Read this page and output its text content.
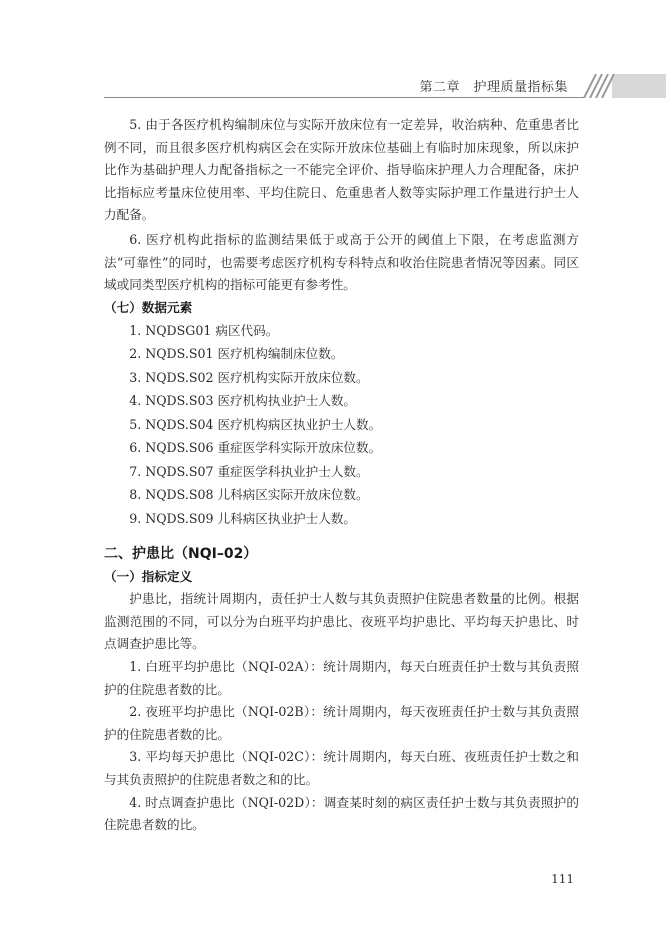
第二章　护理质量指标集

5. 由于各医疗机构编制床位与实际开放床位有一定差异，收治病种、危重患者比例不同，而且很多医疗机构病区会在实际开放床位基础上有临时加床现象，所以床护比作为基础护理人力配备指标之一不能完全评价、指导临床护理人力合理配备，床护比指标应考量床位使用率、平均住院日、危重患者人数等实际护理工作量进行护士人力配备。

6. 医疗机构此指标的监测结果低于或高于公开的阈值上下限，在考虑监测方法“可靠性”的同时，也需要考虑医疗机构专科特点和收治住院患者情况等因素。同区域或同类型医疗机构的指标可能更有参考性。

（七）数据元素

1. NQDSG01 病区代码。

2. NQDS.S01 医疗机构编制床位数。

3. NQDS.S02 医疗机构实际开放床位数。

4. NQDS.S03 医疗机构执业护士人数。

5. NQDS.S04 医疗机构病区执业护士人数。

6. NQDS.S06 重症医学科实际开放床位数。

7. NQDS.S07 重症医学科执业护士人数。

8. NQDS.S08 儿科病区实际开放床位数。

9. NQDS.S09 儿科病区执业护士人数。

二、护患比（NQI–02）

（一）指标定义

护患比，指统计周期内，责任护士人数与其负责照护住院患者数量的比例。根据监测范围的不同，可以分为白班平均护患比、夜班平均护患比、平均每天护患比、时点调查护患比等。

1. 白班平均护患比（NQI-02A）：统计周期内，每天白班责任护士数与其负责照护的住院患者数的比。

2. 夜班平均护患比（NQI-02B）：统计周期内，每天夜班责任护士数与其负责照护的住院患者数的比。

3. 平均每天护患比（NQI-02C）：统计周期内，每天白班、夜班责任护士数之和与其负责照护的住院患者数之和的比。

4. 时点调查护患比（NQI-02D）：调查某时刻的病区责任护士数与其负责照护的住院患者数的比。

111
